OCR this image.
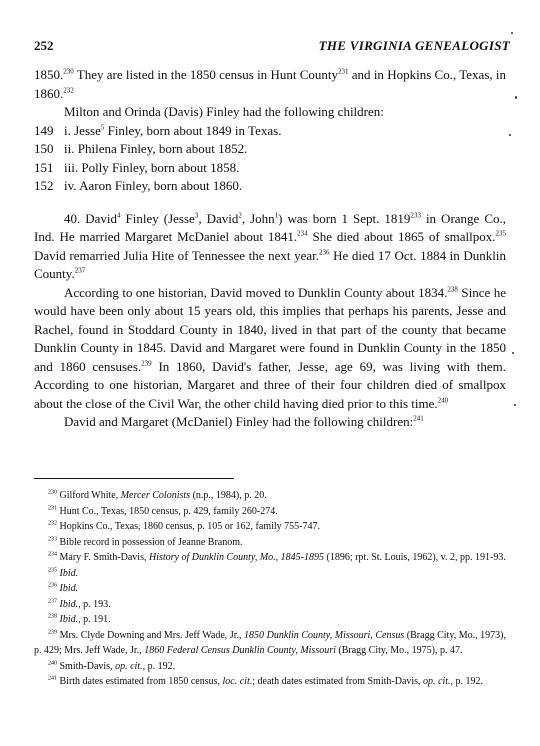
252	THE VIRGINIA GENEALOGIST

1850.$^{230}$ They are listed in the 1850 census in Hunt County$^{231}$ and in Hopkins Co., Texas, in 1860.$^{232}$

Milton and Orinda (Davis) Finley had the following children:

149 i. Jesse$^5$ Finley, born about 1849 in Texas.

150 ii. Philena Finley, born about 1852.

151 iii. Polly Finley, born about 1858.

152 iv. Aaron Finley, born about 1860.

40. David$^4$ Finley (Jesse$^3$, David$^2$, John$^1$) was born 1 Sept. 1819$^{233}$ in Orange Co., Ind. He married Margaret McDaniel about 1841.$^{234}$ She died about 1865 of smallpox.$^{235}$ David remarried Julia Hite of Tennessee the next year.$^{236}$ He died 17 Oct. 1884 in Dunklin County.$^{237}$

According to one historian, David moved to Dunklin County about 1834.$^{238}$ Since he would have been only about 15 years old, this implies that perhaps his parents, Jesse and Rachel, found in Stoddard County in 1840, lived in that part of the county that became Dunklin County in 1845. David and Margaret were found in Dunklin County in the 1850 and 1860 censuses.$^{239}$ In 1860, David's father, Jesse, age 69, was living with them. According to one historian, Margaret and three of their four children died of smallpox about the close of the Civil War, the other child having died prior to this time.$^{240}$

David and Margaret (McDaniel) Finley had the following children:$^{241}$

$^{230}$ Gilford White, Mercer Colonists (n.p., 1984), p. 20.

$^{231}$ Hunt Co., Texas, 1850 census, p. 429, family 260-274.

$^{232}$ Hopkins Co., Texas, 1860 census, p. 105 or 162, family 755-747.

$^{233}$ Bible record in possession of Jeanne Branom.

$^{234}$ Mary F. Smith-Davis, History of Dunklin County, Mo., 1845-1895 (1896; rpt. St. Louis, 1962), v. 2, pp. 191-93.

$^{235}$ Ibid.

$^{236}$ Ibid.

$^{237}$ Ibid., p. 193.

$^{238}$ Ibid., p. 191.

$^{239}$ Mrs. Clyde Downing and Mrs. Jeff Wade, Jr., 1850 Dunklin County, Missouri, Census (Bragg City, Mo., 1973), p. 429; Mrs. Jeff Wade, Jr., 1860 Federal Census Dunklin County, Missouri (Bragg City, Mo., 1975), p. 47.

$^{240}$ Smith-Davis, op. cit., p. 192.

$^{241}$ Birth dates estimated from 1850 census, loc. cit.; death dates estimated from Smith-Davis, op. cit., p. 192.
